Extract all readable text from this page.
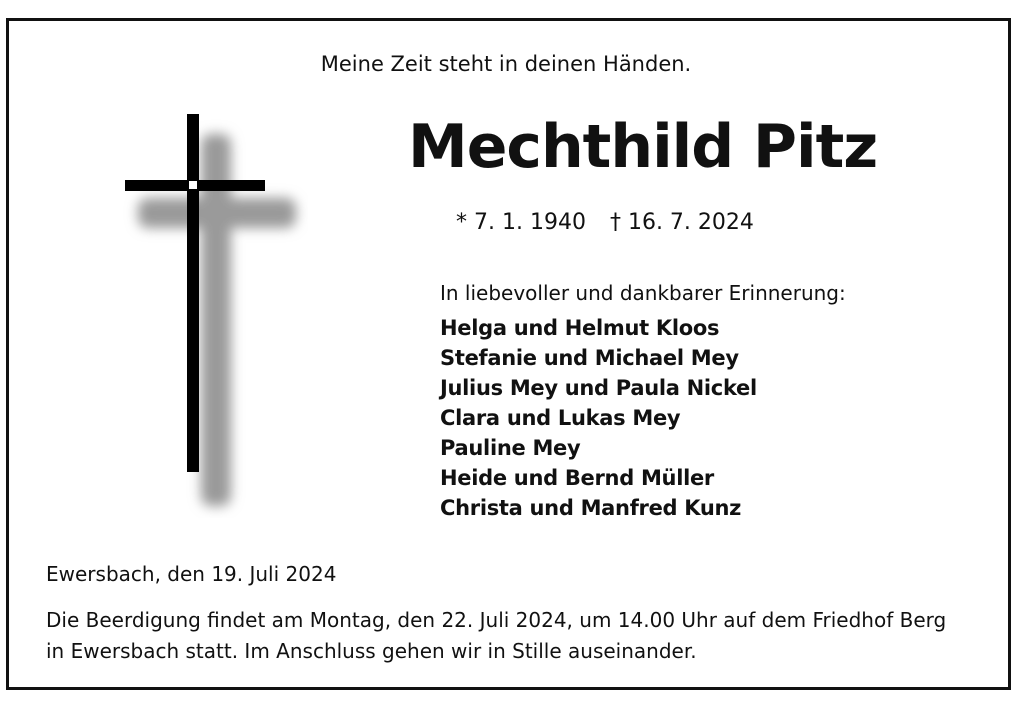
Meine Zeit steht in deinen Händen.

Mechthild Pitz
* 7. 1. 1940 † 16. 7. 2024

In liebevoller und dankbarer Erinnerung:

Helga und Helmut Kloos
Stefanie und Michael Mey
Julius Mey und Paula Nickel
Clara und Lukas Mey
Pauline Mey
Heide und Bernd Müller
Christa und Manfred Kunz

Ewersbach, den 19. Juli 2024

Die Beerdigung findet am Montag, den 22. Juli 2024, um 14.00 Uhr auf dem Friedhof Berg in Ewersbach statt. Im Anschluss gehen wir in Stille auseinander.
